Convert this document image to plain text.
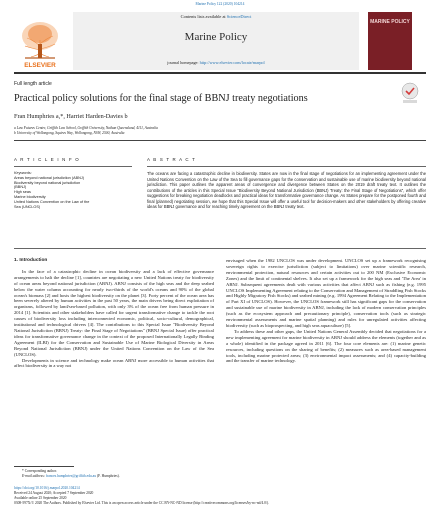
Marine Policy 122 (2020) 104214
Contents lists available at ScienceDirect
Marine Policy
journal homepage: http://www.elsevier.com/locate/marpol
ELSEVIER
MARINE POLICY
Full length article
Practical policy solutions for the final stage of BBNJ treaty negotiations
Fran Humphries a,*, Harriet Harden-Davies b
a Law Futures Centre, Griffith Law School, Griffith University, Nathan Queensland, 4111, Australia
b University of Wollongong, Squires Way, Wollongong, NSW, 2500, Australia
A R T I C L E I N F O
Keywords:
Areas beyond national jurisdiction (ABNJ)
Biodiversity beyond national jurisdiction
(BBNJ)
High seas
Marine biodiversity
United Nations Convention on the Law of the
Sea (UNCLOS)
A B S T R A C T
The oceans are facing a catastrophic decline in biodiversity. States are now in the final stage of negotiations for an implementing agreement under the United Nations Convention on the Law of the Sea to fill governance gaps for the conservation and sustainable use of marine biodiversity beyond national jurisdiction. This paper outlines the apparent areas of convergence and divergence between States on the 2019 draft treaty text. It outlines the contributions of the articles in this Special Issue "Biodiversity Beyond National Jurisdiction (BBNJ) Treaty: the Final Stage of Negotiations", which offer suggestions for breaking negotiation deadlocks and practical ideas for transformative governance change. As States prepare for the postponed fourth and final (planned) negotiating session, we hope that this Special Issue will offer a useful tool for decision-makers and other stakeholders by offering creative ideas for BBNJ governance and for reaching timely agreement on the BBNJ treaty text.
1. Introduction

In the face of a catastrophic decline in ocean biodiversity and a lack of effective governance arrangements to halt the decline [1], countries are negotiating a new United Nations treaty for biodiversity of ocean areas beyond national jurisdiction (ABNJ). ABNJ consists of the high seas and the deep seabed below the water column accounting for nearly two-thirds of the world's oceans and 90% of the global ocean's biomass [2] and hosts the highest biodiversity on the planet [3]. Forty percent of the ocean area has been severely altered by human activities in the past 50 years, the main drivers being direct exploitation of organisms, followed by land/sea-based pollution, with only 3% of the ocean free from human pressure in 2014 [1]. Scientists and other stakeholders have called for urgent transformative change to tackle the root causes of biodiversity loss including interconnected economic, political, socio-cultural, demographical, institutional and technological drivers [4]. The contributions to this Special Issue "Biodiversity Beyond National Jurisdiction (BBNJ) Treaty: the Final Stage of Negotiations" (BBNJ Special Issue) offer practical ideas for transformative governance change in the context of the proposed Internationally Legally Binding Agreement (ILBI) for the Conservation and Sustainable Use of Marine Biological Diversity in Areas Beyond National Jurisdiction (BBNJ) under the United Nations Convention on the Law of the Sea (UNCLOS).

Developments in science and technology make ocean ABNJ more accessible to human activities that affect biodiversity in a way not

envisaged when the 1982 UNCLOS was under development. UNCLOS set up a framework recognising sovereign rights to exercise jurisdiction (subject to limitations) over marine scientific research, environmental protection, natural resources and certain activities out to 200 NM (Exclusive Economic Zones) and the limit of continental shelves. It also set up a framework for the high seas and 'The Area' in ABNJ. Subsequent agreements dealt with various activities that affect ABNJ such as fishing (e.g. 1995 UNCLOS Implementing Agreement relating to the Conservation and Management of Straddling Fish Stocks and Highly Migratory Fish Stocks) and seabed mining (e.g. 1994 Agreement Relating to the Implementation of Part XI of UNCLOS). However, the UNCLOS framework still has significant gaps for the conservation and sustainable use of marine biodiversity in ABNJ, including the lack of modern conservation principles (such as the ecosystem approach and precautionary principle), conservation tools (such as strategic environmental assessments and marine spatial planning) and rules for unregulated activities affecting biodiversity (such as bioprospecting, and high seas aquaculture) [5].

To address these and other gaps, the United Nations General Assembly decided that negotiations for a new implementing agreement for marine biodiversity in ABNJ should address the elements (together and as a whole) identified in the package agreed in 2011 [6]. The four core elements are: (1) marine genetic resources, including questions on the sharing of benefits; (2) measures such as area-based management tools, including marine protected areas; (3) environmental impact assessments; and (4) capacity-building and the transfer of marine technology.

* Corresponding author.
E-mail address: frances.humphries@griffith.edu.au (F. Humphries).
https://doi.org/10.1016/j.marpol.2020.104214
Received 24 August 2020; Accepted 7 September 2020
Available online 25 September 2020
0308-597X/© 2020 The Authors. Published by Elsevier Ltd. This is an open access article under the CC BY-NC-ND license (http://creativecommons.org/licenses/by-nc-nd/4.0/).
